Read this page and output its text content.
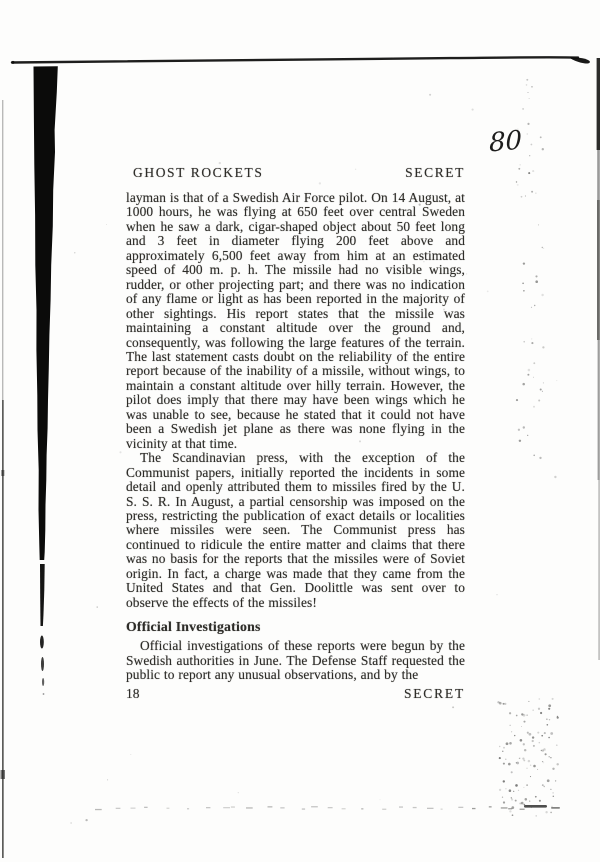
80
GHOST ROCKETS	SECRET

layman is that of a Swedish Air Force pilot. On 14 August, at 1000 hours, he was flying at 650 feet over central Sweden when he saw a dark, cigar-shaped object about 50 feet long and 3 feet in diameter flying 200 feet above and approximately 6,500 feet away from him at an estimated speed of 400 m. p. h. The missile had no visible wings, rudder, or other projecting part; and there was no indication of any flame or light as has been reported in the majority of other sightings. His report states that the missile was maintaining a constant altitude over the ground and, consequently, was following the large features of the terrain. The last statement casts doubt on the reliability of the entire report because of the inability of a missile, without wings, to maintain a constant altitude over hilly terrain. However, the pilot does imply that there may have been wings which he was unable to see, because he stated that it could not have been a Swedish jet plane as there was none flying in the vicinity at that time.

The Scandinavian press, with the exception of the Communist papers, initially reported the incidents in some detail and openly attributed them to missiles fired by the U. S. S. R. In August, a partial censorship was imposed on the press, restricting the publication of exact details or localities where missiles were seen. The Communist press has continued to ridicule the entire matter and claims that there was no basis for the reports that the missiles were of Soviet origin. In fact, a charge was made that they came from the United States and that Gen. Doolittle was sent over to observe the effects of the missiles!

Official Investigations

Official investigations of these reports were begun by the Swedish authorities in June. The Defense Staff requested the public to report any unusual observations, and by the

18	SECRET
